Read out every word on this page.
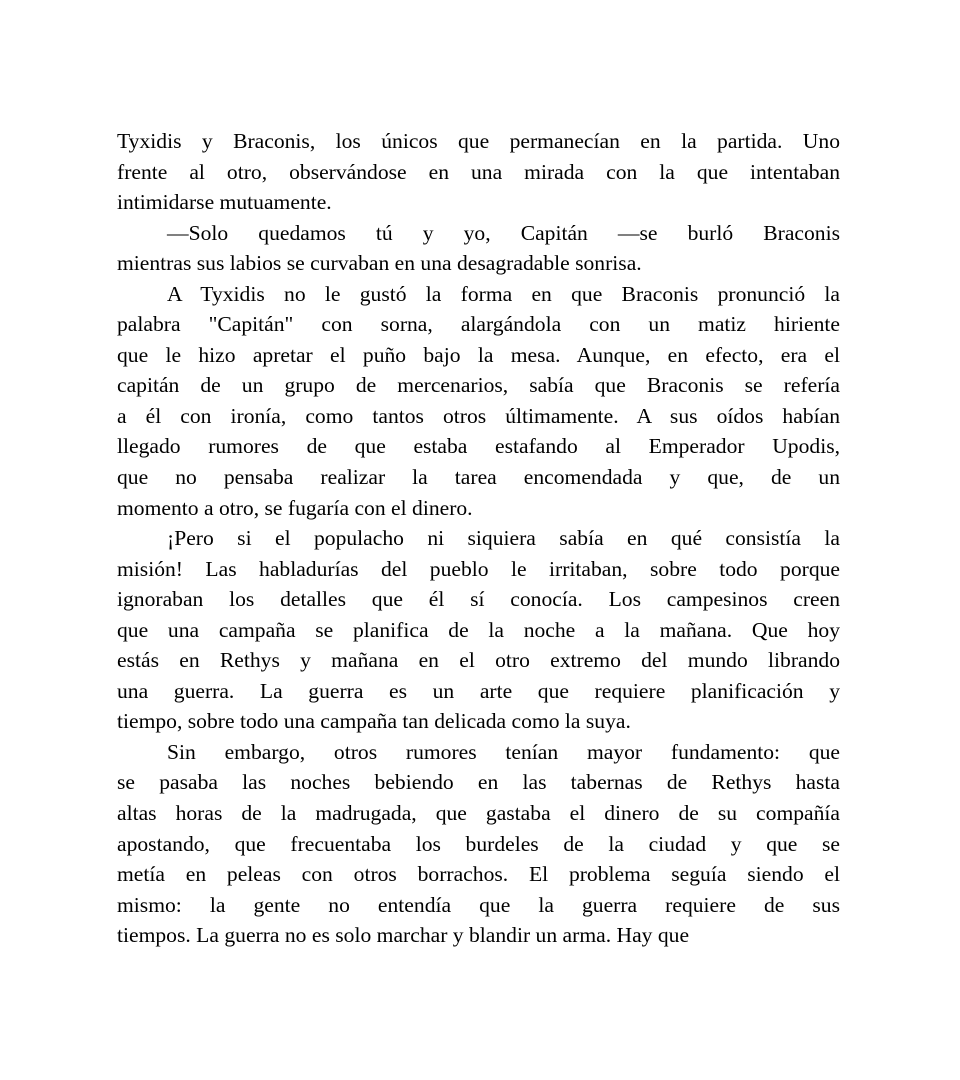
Tyxidis y Braconis, los únicos que permanecían en la partida. Uno
frente al otro, observándose en una mirada con la que intentaban
intimidarse mutuamente.

—Solo quedamos tú y yo, Capitán —se burló Braconis
mientras sus labios se curvaban en una desagradable sonrisa.

A Tyxidis no le gustó la forma en que Braconis pronunció la
palabra "Capitán" con sorna, alargándola con un matiz hiriente
que le hizo apretar el puño bajo la mesa. Aunque, en efecto, era el
capitán de un grupo de mercenarios, sabía que Braconis se refería
a él con ironía, como tantos otros últimamente. A sus oídos habían
llegado rumores de que estaba estafando al Emperador Upodis,
que no pensaba realizar la tarea encomendada y que, de un
momento a otro, se fugaría con el dinero.

¡Pero si el populacho ni siquiera sabía en qué consistía la
misión! Las habladurías del pueblo le irritaban, sobre todo porque
ignoraban los detalles que él sí conocía. Los campesinos creen
que una campaña se planifica de la noche a la mañana. Que hoy
estás en Rethys y mañana en el otro extremo del mundo librando
una guerra. La guerra es un arte que requiere planificación y
tiempo, sobre todo una campaña tan delicada como la suya.

Sin embargo, otros rumores tenían mayor fundamento: que
se pasaba las noches bebiendo en las tabernas de Rethys hasta
altas horas de la madrugada, que gastaba el dinero de su compañía
apostando, que frecuentaba los burdeles de la ciudad y que se
metía en peleas con otros borrachos. El problema seguía siendo el
mismo: la gente no entendía que la guerra requiere de sus
tiempos. La guerra no es solo marchar y blandir un arma. Hay que
